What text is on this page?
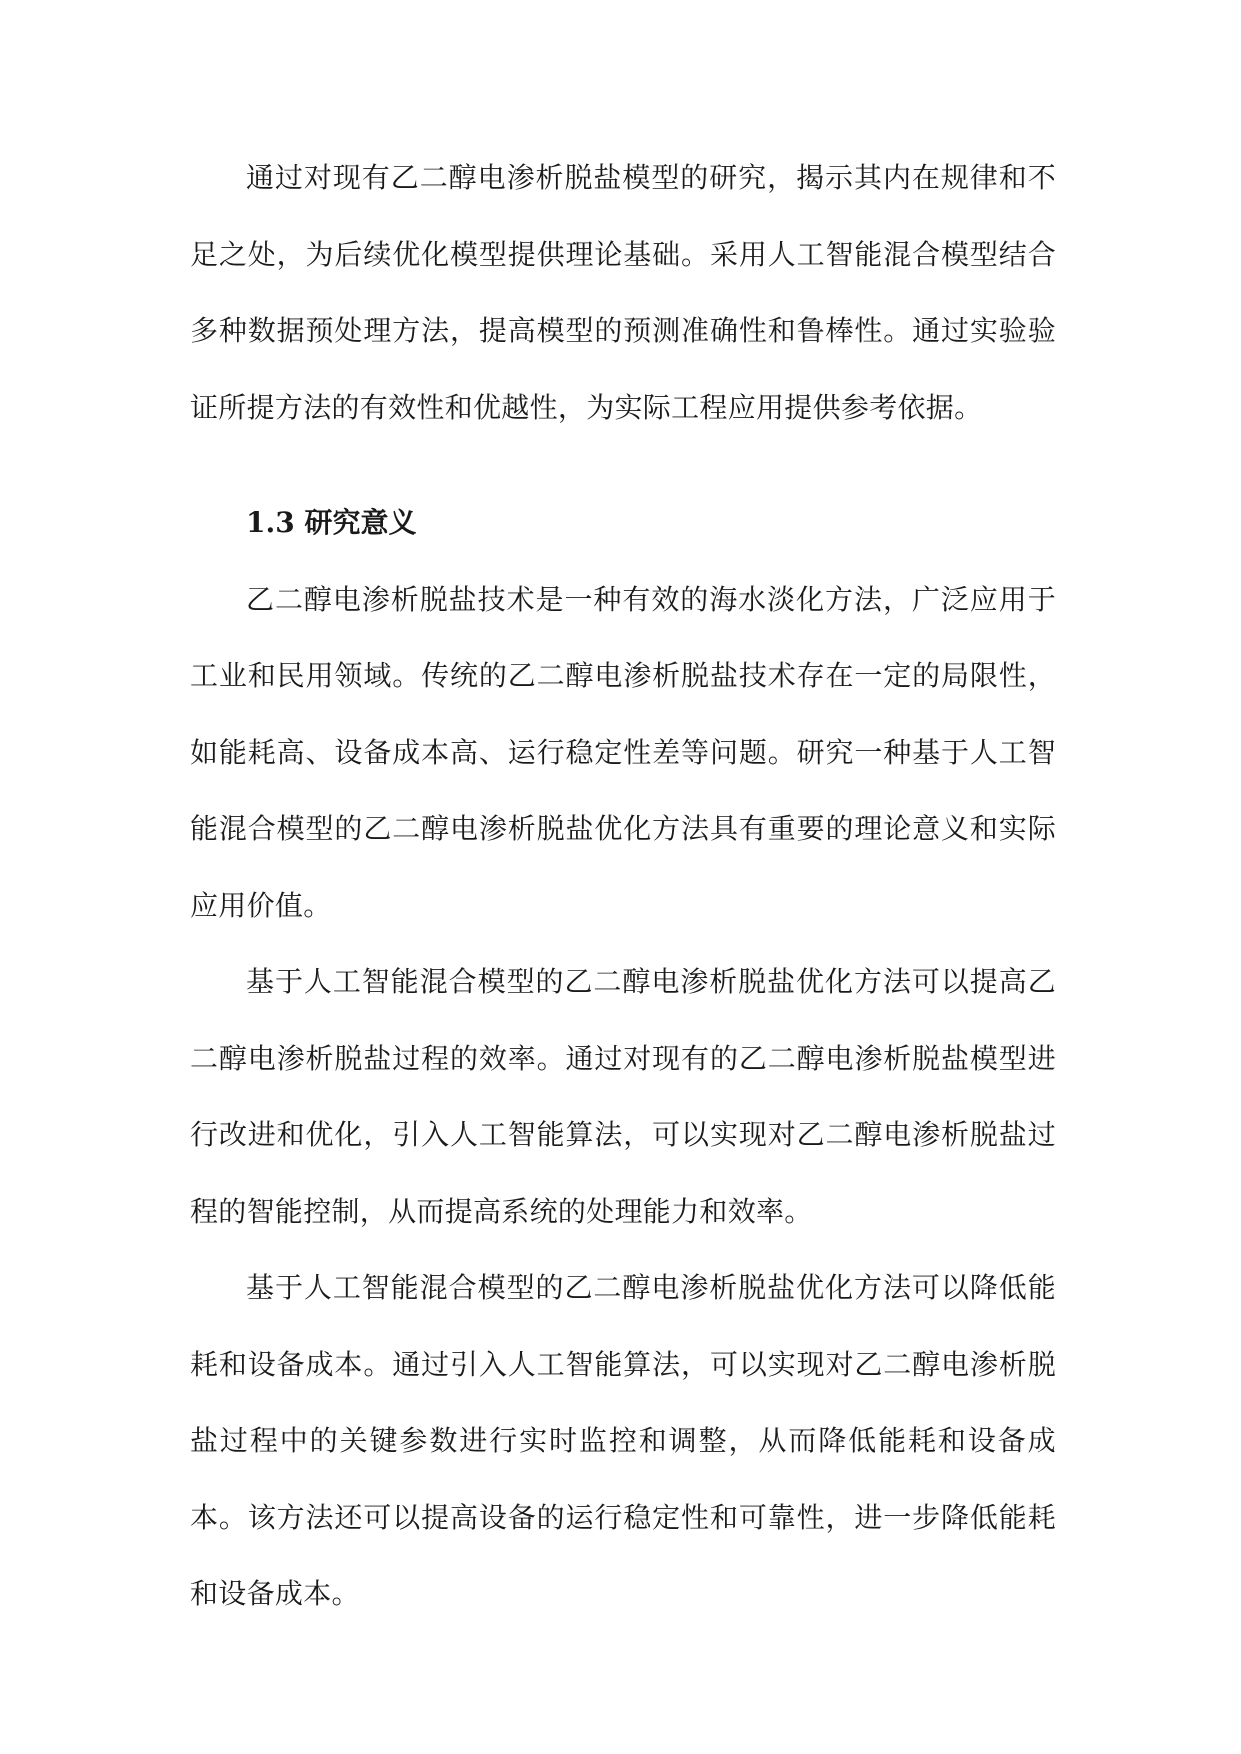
通过对现有乙二醇电渗析脱盐模型的研究，揭示其内在规律和不足之处，为后续优化模型提供理论基础。采用人工智能混合模型结合多种数据预处理方法，提高模型的预测准确性和鲁棒性。通过实验验证所提方法的有效性和优越性，为实际工程应用提供参考依据。

1.3 研究意义

乙二醇电渗析脱盐技术是一种有效的海水淡化方法，广泛应用于工业和民用领域。传统的乙二醇电渗析脱盐技术存在一定的局限性，如能耗高、设备成本高、运行稳定性差等问题。研究一种基于人工智能混合模型的乙二醇电渗析脱盐优化方法具有重要的理论意义和实际应用价值。

基于人工智能混合模型的乙二醇电渗析脱盐优化方法可以提高乙二醇电渗析脱盐过程的效率。通过对现有的乙二醇电渗析脱盐模型进行改进和优化，引入人工智能算法，可以实现对乙二醇电渗析脱盐过程的智能控制，从而提高系统的处理能力和效率。

基于人工智能混合模型的乙二醇电渗析脱盐优化方法可以降低能耗和设备成本。通过引入人工智能算法，可以实现对乙二醇电渗析脱盐过程中的关键参数进行实时监控和调整，从而降低能耗和设备成本。该方法还可以提高设备的运行稳定性和可靠性，进一步降低能耗和设备成本。
